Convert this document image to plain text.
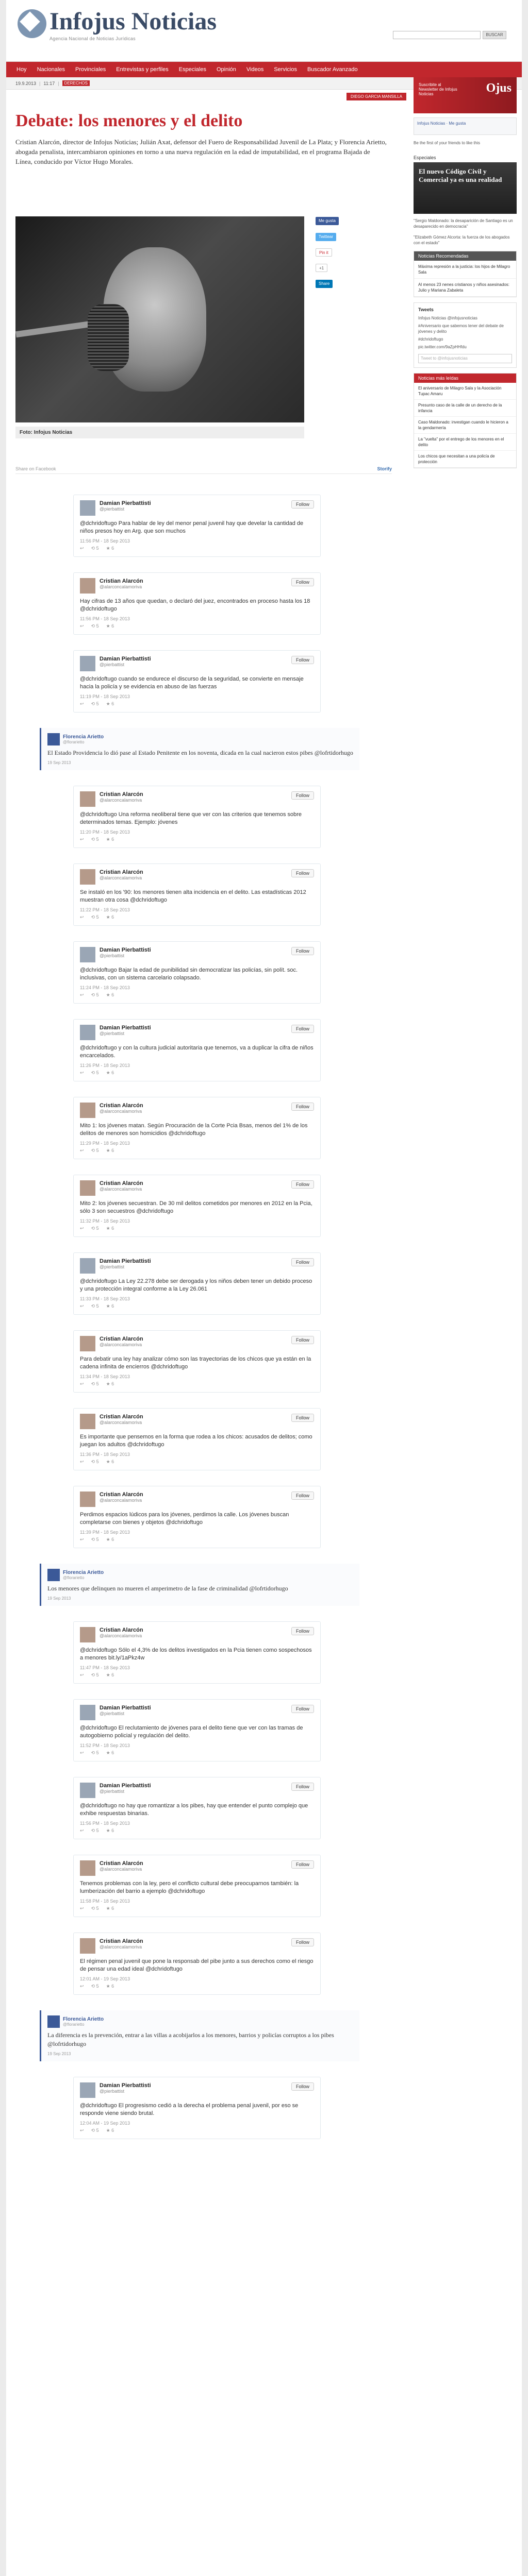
Infojus Noticias
Agencia Nacional de Noticias Jurídicas
BUSCAR
Hoy	Nacionales	Provinciales	Entrevistas y perfiles	Especiales	Opinión	Videos	Servicios	Buscador Avanzado
19.9.2013 | 11:17 |	DERECHOS
DIEGO GARCIA MANSILLA
Debate: los menores y el delito

Cristian Alarcón, director de Infojus Noticias; Julián Axat, defensor del Fuero de Responsabilidad Juvenil de La Plata; y Florencia Arietto, abogada penalista, intercambiaron opiniones en torno a una nueva regulación en la edad de imputabilidad, en el programa Bajada de Línea, conducido por Víctor Hugo Morales.

Foto: Infojus Noticias
Me gusta
Twittear
Pin it
+1
Share
Share on Facebook	Storify
Damian Pierbattisti
@pierbattist
Follow
@dchridoftugo Para hablar de ley del menor penal juvenil hay que develar la cantidad de niños presos hoy en Arg. que son muchos
11:56 PM - 18 Sep 2013
↩ ⟲ 5 ★ 6
Cristian Alarcón
@alarconcalamoriva
Follow
Hay cifras de 13 años que quedan, o declaró del juez, encontrados en proceso hasta los 18 @dchridoftugo
11:56 PM - 18 Sep 2013
↩ ⟲ 5 ★ 6
Damian Pierbattisti
@pierbattist
Follow
@dchridoftugo cuando se endurece el discurso de la seguridad, se convierte en mensaje hacia la policía y se evidencia en abuso de las fuerzas
11:19 PM - 18 Sep 2013
↩ ⟲ 5 ★ 6
Florencia Arietto
@florarietto
El Estado Providencia lo dió pase al Estado Penitente en los noventa, dicada en la cual nacieron estos pibes @lofrtidorhugo
19 Sep 2013
Cristian Alarcón
@alarconcalamoriva
Follow
@dchridoftugo Una reforma neoliberal tiene que ver con las criterios que tenemos sobre determinados temas. Ejemplo: jóvenes
11:20 PM - 18 Sep 2013
↩ ⟲ 5 ★ 6
Cristian Alarcón
@alarconcalamoriva
Follow
Se instaló en los '90: los menores tienen alta incidencia en el delito. Las estadísticas 2012 muestran otra cosa @dchridoftugo
11:22 PM - 18 Sep 2013
↩ ⟲ 5 ★ 6
Damian Pierbattisti
@pierbattist
Follow
@dchridoftugo Bajar la edad de punibilidad sin democratizar las policías, sin polít. soc. inclusivas, con un sistema carcelario colapsado.
11:24 PM - 18 Sep 2013
↩ ⟲ 5 ★ 6
Damian Pierbattisti
@pierbattist
Follow
@dchridoftugo y con la cultura judicial autoritaria que tenemos, va a duplicar la cifra de niños encarcelados.
11:26 PM - 18 Sep 2013
↩ ⟲ 5 ★ 6
Cristian Alarcón
@alarconcalamoriva
Follow
Mito 1: los jóvenes matan. Según Procuración de la Corte Pcia Bsas, menos del 1% de los delitos de menores son homicidios @dchridoftugo
11:29 PM - 18 Sep 2013
↩ ⟲ 5 ★ 6
Cristian Alarcón
@alarconcalamoriva
Follow
Mito 2: los jóvenes secuestran. De 30 mil delitos cometidos por menores en 2012 en la Pcia, sólo 3 son secuestros @dchridoftugo
11:32 PM - 18 Sep 2013
↩ ⟲ 5 ★ 6
Damian Pierbattisti
@pierbattist
Follow
@dchridoftugo La Ley 22.278 debe ser derogada y los niños deben tener un debido proceso y una protección integral conforme a la Ley 26.061
11:33 PM - 18 Sep 2013
↩ ⟲ 5 ★ 6
Cristian Alarcón
@alarconcalamoriva
Follow
Para debatir una ley hay analizar cómo son las trayectorias de los chicos que ya están en la cadena infinita de encierros @dchridoftugo
11:34 PM - 18 Sep 2013
↩ ⟲ 5 ★ 6
Cristian Alarcón
@alarconcalamoriva
Follow
Es importante que pensemos en la forma que rodea a los chicos: acusados de delitos; como juegan los adultos @dchridoftugo
11:36 PM - 18 Sep 2013
↩ ⟲ 5 ★ 6
Cristian Alarcón
@alarconcalamoriva
Follow
Perdimos espacios lúdicos para los jóvenes, perdimos la calle. Los jóvenes buscan completarse con bienes y objetos @dchridoftugo
11:39 PM - 18 Sep 2013
↩ ⟲ 5 ★ 6
Florencia Arietto
@florarietto
Los menores que delinquen no mueren el amperimetro de la fase de criminalidad @lofrtidorhugo
19 Sep 2013
Cristian Alarcón
@alarconcalamoriva
Follow
@dchridoftugo Sólo el 4,3% de los delitos investigados en la Pcia tienen como sospechosos a menores bit.ly/1aPkz4w
11:47 PM - 18 Sep 2013
↩ ⟲ 5 ★ 6
Damian Pierbattisti
@pierbattist
Follow
@dchridoftugo El reclutamiento de jóvenes para el delito tiene que ver con las tramas de autogobierno policial y regulación del delito.
11:52 PM - 18 Sep 2013
↩ ⟲ 5 ★ 6
Damian Pierbattisti
@pierbattist
Follow
@dchridoftugo no hay que romantizar a los pibes, hay que entender el punto complejo que exhibe respuestas binarias.
11:56 PM - 18 Sep 2013
↩ ⟲ 5 ★ 6
Cristian Alarcón
@alarconcalamoriva
Follow
Tenemos problemas con la ley, pero el conflicto cultural debe preocuparnos también: la lumberización del barrio a ejemplo @dchridoftugo
11:58 PM - 18 Sep 2013
↩ ⟲ 5 ★ 6
Cristian Alarcón
@alarconcalamoriva
Follow
El régimen penal juvenil que pone la responsab del pibe junto a sus derechos como el riesgo de pensar una edad ideal @dchridoftugo
12:01 AM - 19 Sep 2013
↩ ⟲ 5 ★ 6
Florencia Arietto
@florarietto
La diferencia es la prevención, entrar a las villas a acobijarlos a los menores, barrios y policías corruptos a los pibes @lofrtidorhugo
19 Sep 2013
Damian Pierbattisti
@pierbattist
Follow
@dchridoftugo El progresismo cedió a la derecha el problema penal juvenil, por eso se responde viene siendo brutal.
12:04 AM - 19 Sep 2013
↩ ⟲ 5 ★ 6
Suscribite al Newsletter de Infojus Noticias	Ojus
Infojus Noticias · Me gusta
Be the first of your friends to like this
Especiales
El nuevo Código Civil y Comercial ya es una realidad
"Sergio Maldonado: la desaparición de Santiago es un desaparecido en democracia"
"Elizabeth Gómez Alcorta: la fuerza de los abogados con el estado"
Noticias Recomendadas
Máxima represión a la justicia: los hijos de Milagro Sala
Al menos 23 nenes cristianos y niños asesinados: Julio y Mariana Zabaleta
Tweets
Infojus Noticias @infojusnoticias
#Aniversario que sabemos tener del debate de jóvenes y delito
#dchridoftugo
pic.twitter.com/9aZpHHfdu
Tweet to @infojusnoticias
Noticias más leídas
El aniversario de Milagro Sala y la Asociación Tupac Amaru
Presunto caso de la calle de un derecho de la infancia
Caso Maldonado: investigan cuando le hicieron a la gendarmería
La "vuelta" por el entrego de los menores en el delito
Los chicos que necesitan a una policía de protección
